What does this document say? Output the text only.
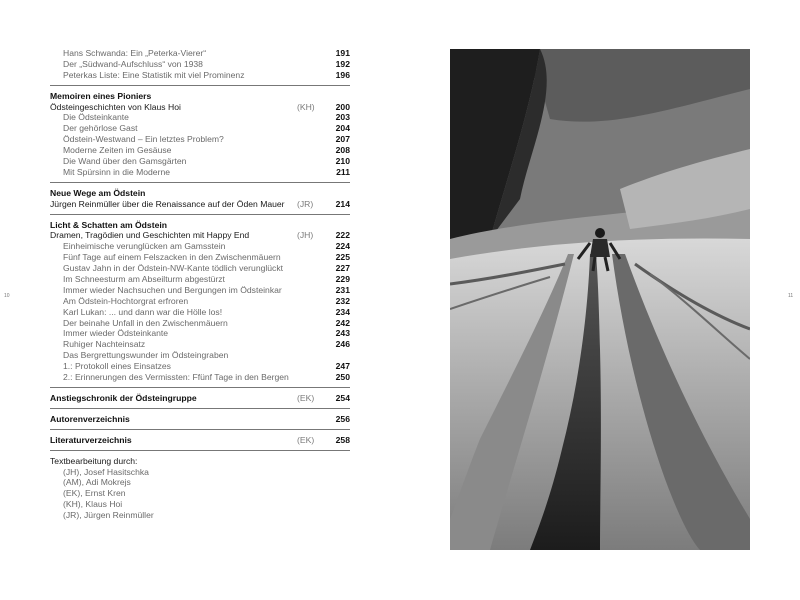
10	11
Hans Schwanda: Ein „Peterka-Vierer“	191
Der „Südwand-Aufschluss“ von 1938	192
Peterkas Liste: Eine Statistik mit viel Prominenz	196
Memoiren eines Pioniers
Ödsteingeschichten von Klaus Hoi	(KH) 200
Die Ödsteinkante	203
Der gehörlose Gast	204
Ödstein-Westwand – Ein letztes Problem?	207
Moderne Zeiten im Gesäuse	208
Die Wand über den Gamsgärten	210
Mit Spürsinn in die Moderne	211
Neue Wege am Ödstein
Jürgen Reinmüller über die Renaissance auf der Öden Mauer (JR)	214
Licht & Schatten am Ödstein
Dramen, Tragödien und Geschichten mit Happy End	(JH)	222
Einheimische verunglücken am Gamsstein	224
Fünf Tage auf einem Felszacken in den Zwischenmäuern	225
Gustav Jahn in der Ödstein-NW-Kante tödlich verunglückt	227
Im Schneesturm am Abseilturm abgestürzt	229
Immer wieder Nachsuchen und Bergungen im Ödsteinkar	231
Am Ödstein-Hochtorgrat erfroren	232
Karl Lukan: ... und dann war die Hölle los!	234
Der beinahe Unfall in den Zwischenmäuern	242
Immer wieder Ödsteinkante	243
Ruhiger Nachteinsatz	246
Das Bergrettungswunder im Ödsteingraben
1.: Protokoll eines Einsatzes	247
2.: Erinnerungen des Vermissten: Ffünf Tage in den Bergen	250
Anstiegschronik der Ödsteingruppe	(EK) 254
Autorenverzeichnis	256
Literaturverzeichnis	(EK) 258
Textbearbeitung durch:
(JH), Josef Hasitschka
(AM), Adi Mokrejs
(EK), Ernst Kren
(KH), Klaus Hoi
(JR), Jürgen Reinmüller
